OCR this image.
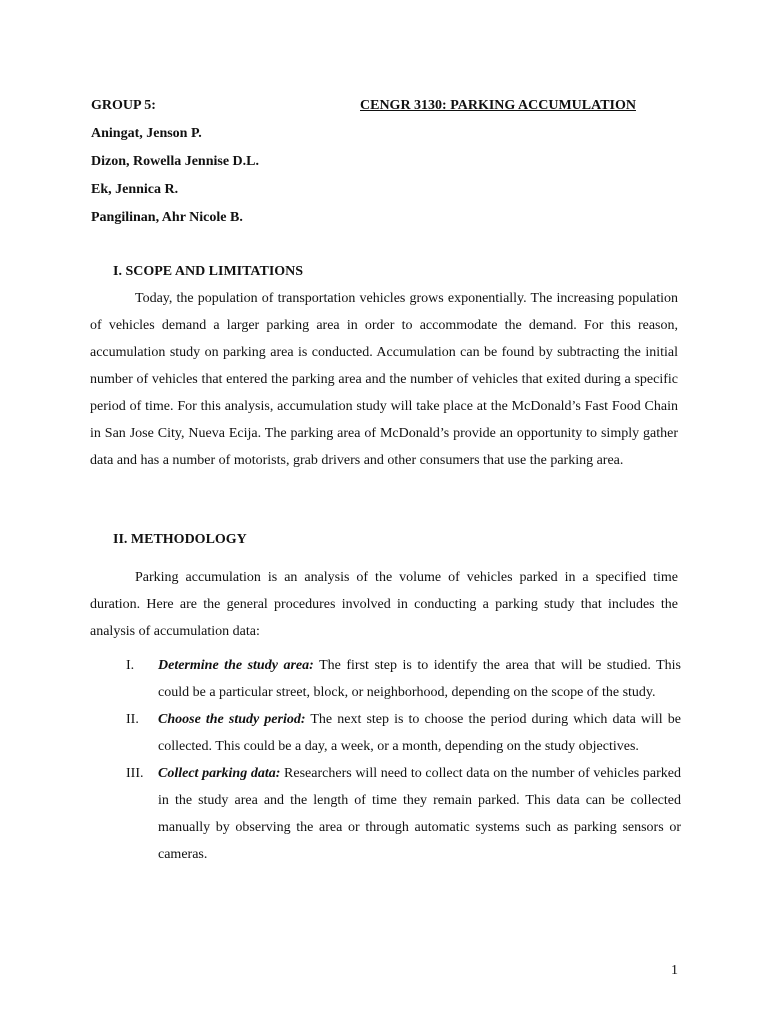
GROUP 5:	CENGR 3130: PARKING ACCUMULATION
Aningat, Jenson P.
Dizon, Rowella Jennise D.L.
Ek, Jennica R.
Pangilinan, Ahr Nicole B.
I. SCOPE AND LIMITATIONS

Today, the population of transportation vehicles grows exponentially. The increasing population of vehicles demand a larger parking area in order to accommodate the demand. For this reason, accumulation study on parking area is conducted. Accumulation can be found by subtracting the initial number of vehicles that entered the parking area and the number of vehicles that exited during a specific period of time. For this analysis, accumulation study will take place at the McDonald’s Fast Food Chain in San Jose City, Nueva Ecija. The parking area of McDonald’s provide an opportunity to simply gather data and has a number of motorists, grab drivers and other consumers that use the parking area.

II. METHODOLOGY

Parking accumulation is an analysis of the volume of vehicles parked in a specified time duration. Here are the general procedures involved in conducting a parking study that includes the analysis of accumulation data:

I. Determine the study area: The first step is to identify the area that will be studied. This could be a particular street, block, or neighborhood, depending on the scope of the study.
II. Choose the study period: The next step is to choose the period during which data will be collected. This could be a day, a week, or a month, depending on the study objectives.
III. Collect parking data: Researchers will need to collect data on the number of vehicles parked in the study area and the length of time they remain parked. This data can be collected manually by observing the area or through automatic systems such as parking sensors or cameras.
1
